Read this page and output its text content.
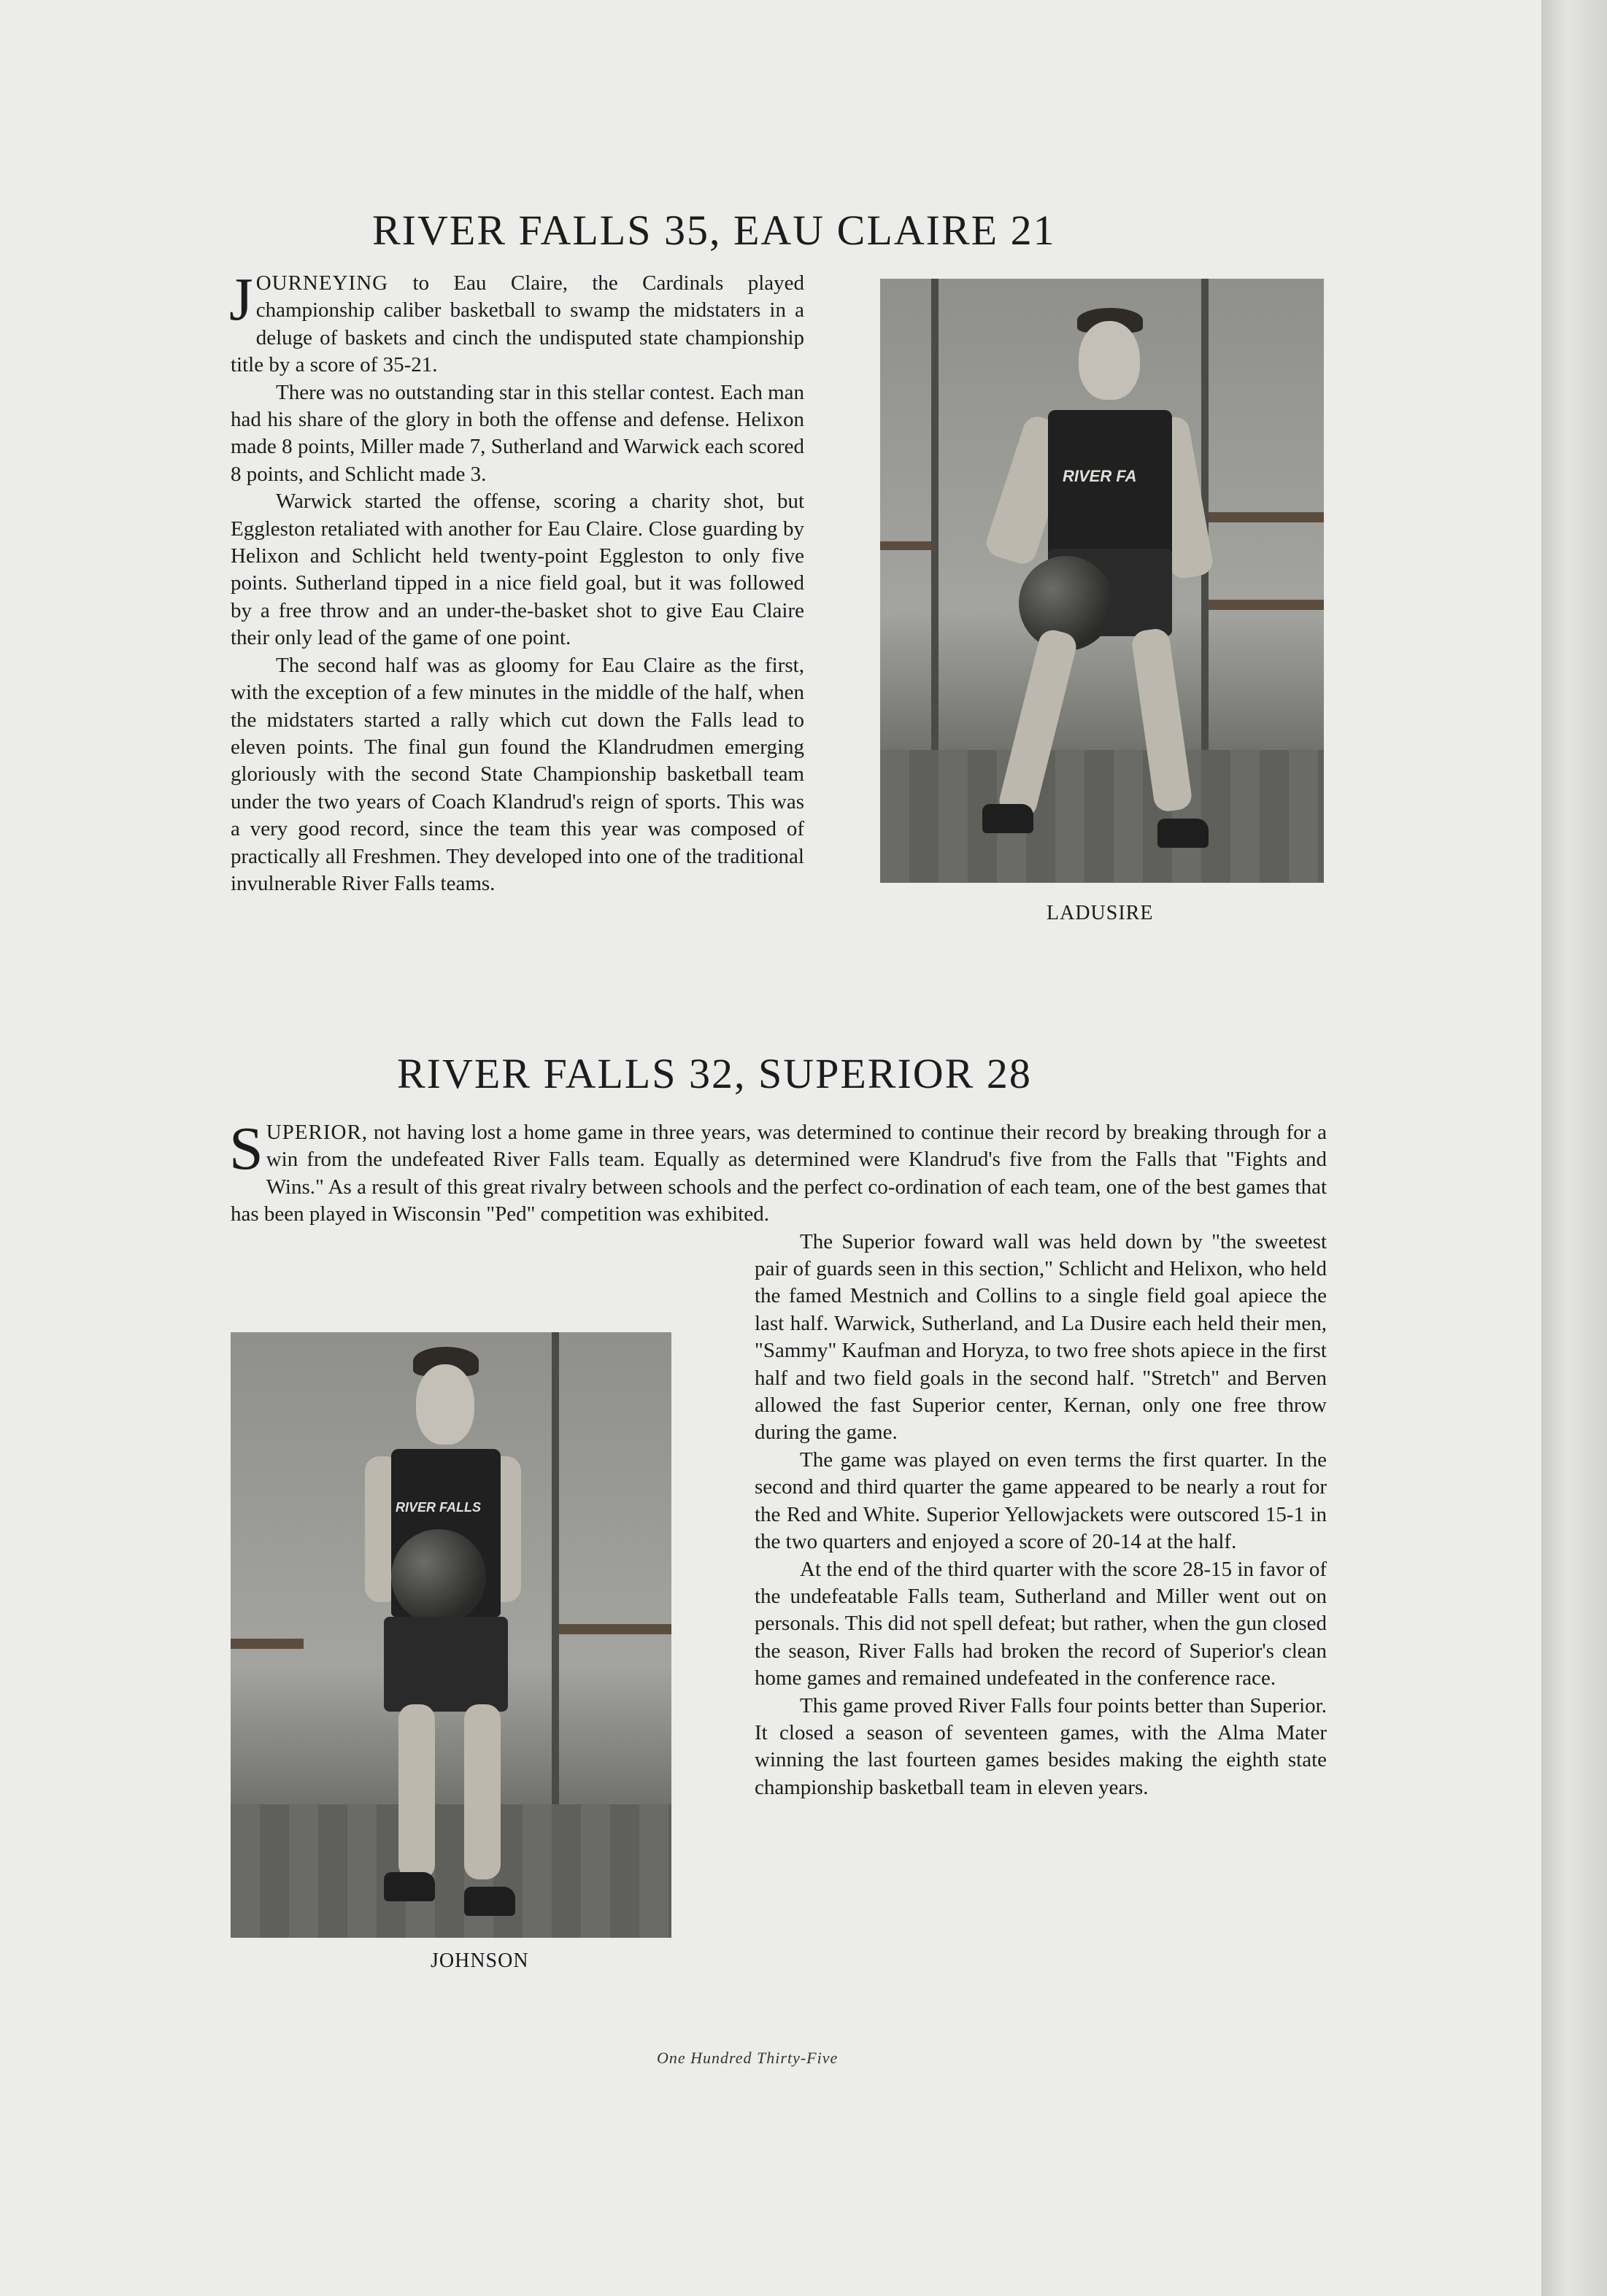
RIVER FALLS 35, EAU CLAIRE 21

JOURNEYING to Eau Claire, the Cardinals played championship caliber basketball to swamp the midstaters in a deluge of baskets and cinch the undisputed state championship title by a score of 35-21.

There was no outstanding star in this stellar contest. Each man had his share of the glory in both the offense and defense. Helixon made 8 points, Miller made 7, Sutherland and Warwick each scored 8 points, and Schlicht made 3.

Warwick started the offense, scoring a charity shot, but Eggleston retaliated with another for Eau Claire. Close guarding by Helixon and Schlicht held twenty-point Eggleston to only five points. Sutherland tipped in a nice field goal, but it was followed by a free throw and an under-the-basket shot to give Eau Claire their only lead of the game of one point.

The second half was as gloomy for Eau Claire as the first, with the exception of a few minutes in the middle of the half, when the midstaters started a rally which cut down the Falls lead to eleven points. The final gun found the Klandrudmen emerging gloriously with the second State Championship basketball team under the two years of Coach Klandrud's reign of sports. This was a very good record, since the team this year was composed of practically all Freshmen. They developed into one of the traditional invulnerable River Falls teams.

RIVER FA
LADUSIRE
RIVER FALLS 32, SUPERIOR 28

SUPERIOR, not having lost a home game in three years, was determined to continue their record by breaking through for a win from the undefeated River Falls team. Equally as determined were Klandrud's five from the Falls that "Fights and Wins." As a result of this great rivalry between schools and the perfect co-ordination of each team, one of the best games that has been played in Wisconsin "Ped" competition was exhibited.

The Superior foward wall was held down by "the sweetest pair of guards seen in this section," Schlicht and Helixon, who held the famed Mestnich and Collins to a single field goal apiece the last half. Warwick, Sutherland, and La Dusire each held their men, "Sammy" Kaufman and Horyza, to two free shots apiece in the first half and two field goals in the second half. "Stretch" and Berven allowed the fast Superior center, Kernan, only one free throw during the game.

The game was played on even terms the first quarter. In the second and third quarter the game appeared to be nearly a rout for the Red and White. Superior Yellowjackets were outscored 15-1 in the two quarters and enjoyed a score of 20-14 at the half.

At the end of the third quarter with the score 28-15 in favor of the undefeatable Falls team, Sutherland and Miller went out on personals. This did not spell defeat; but rather, when the gun closed the season, River Falls had broken the record of Superior's clean home games and remained undefeated in the conference race.

This game proved River Falls four points better than Superior. It closed a season of seventeen games, with the Alma Mater winning the last fourteen games besides making the eighth state championship basketball team in eleven years.

RIVER FALLS
JOHNSON
One Hundred Thirty-Five
